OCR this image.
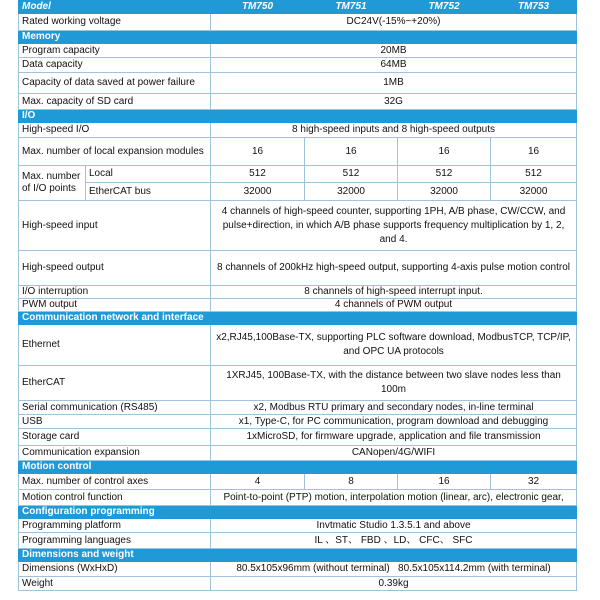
Model		TM750	TM751	TM752	TM753
Rated working voltage		DC24V(-15%~+20%)			
Memory					
Program capacity		20MB			
Data capacity		64MB			
Capacity of data saved at power failure		1MB			
Max. capacity of SD card		32G			
I/O					
High-speed I/O		8 high-speed inputs and 8 high-speed outputs			
Max. number of local expansion modules		16	16	16	16
Max. number of I/O points	Local	512	512	512	512
	EtherCAT bus	32000	32000	32000	32000
High-speed input		4 channels of high-speed counter, supporting 1PH, A/B phase, CW/CCW, and pulse+direction, in which A/B phase supports frequency multiplication by 1, 2, and 4.			
High-speed output		8 channels of 200kHz high-speed output, supporting 4-axis pulse motion control			
I/O interruption		8 channels of high-speed interrupt input.			
PWM output		4 channels of PWM output			
Communication network and interface					
Ethernet		x2,RJ45,100Base-TX, supporting PLC software download, ModbusTCP, TCP/IP, and OPC UA protocols			
EtherCAT		1XRJ45, 100Base-TX, with the distance between two slave nodes less than 100m			
Serial communication (RS485)		x2, Modbus RTU primary and secondary nodes, in-line terminal			
USB		x1, Type-C, for PC communication, program download and debugging			
Storage card		1xMicroSD, for firmware upgrade, application and file transmission			
Communication expansion		CANopen/4G/WIFI			
Motion control					
Max. number of control axes		4	8	16	32
Motion control function		Point-to-point (PTP) motion, interpolation motion (linear, arc), electronic gear,			
Configuration programming					
Programming platform		Invtmatic Studio 1.3.5.1 and above			
Programming languages		IL 、ST、 FBD 、LD、 CFC、 SFC			
Dimensions and weight					
Dimensions (WxHxD)		80.5x105x96mm (without terminal)   80.5x105x114.2mm (with terminal)			
Weight		0.39kg			
